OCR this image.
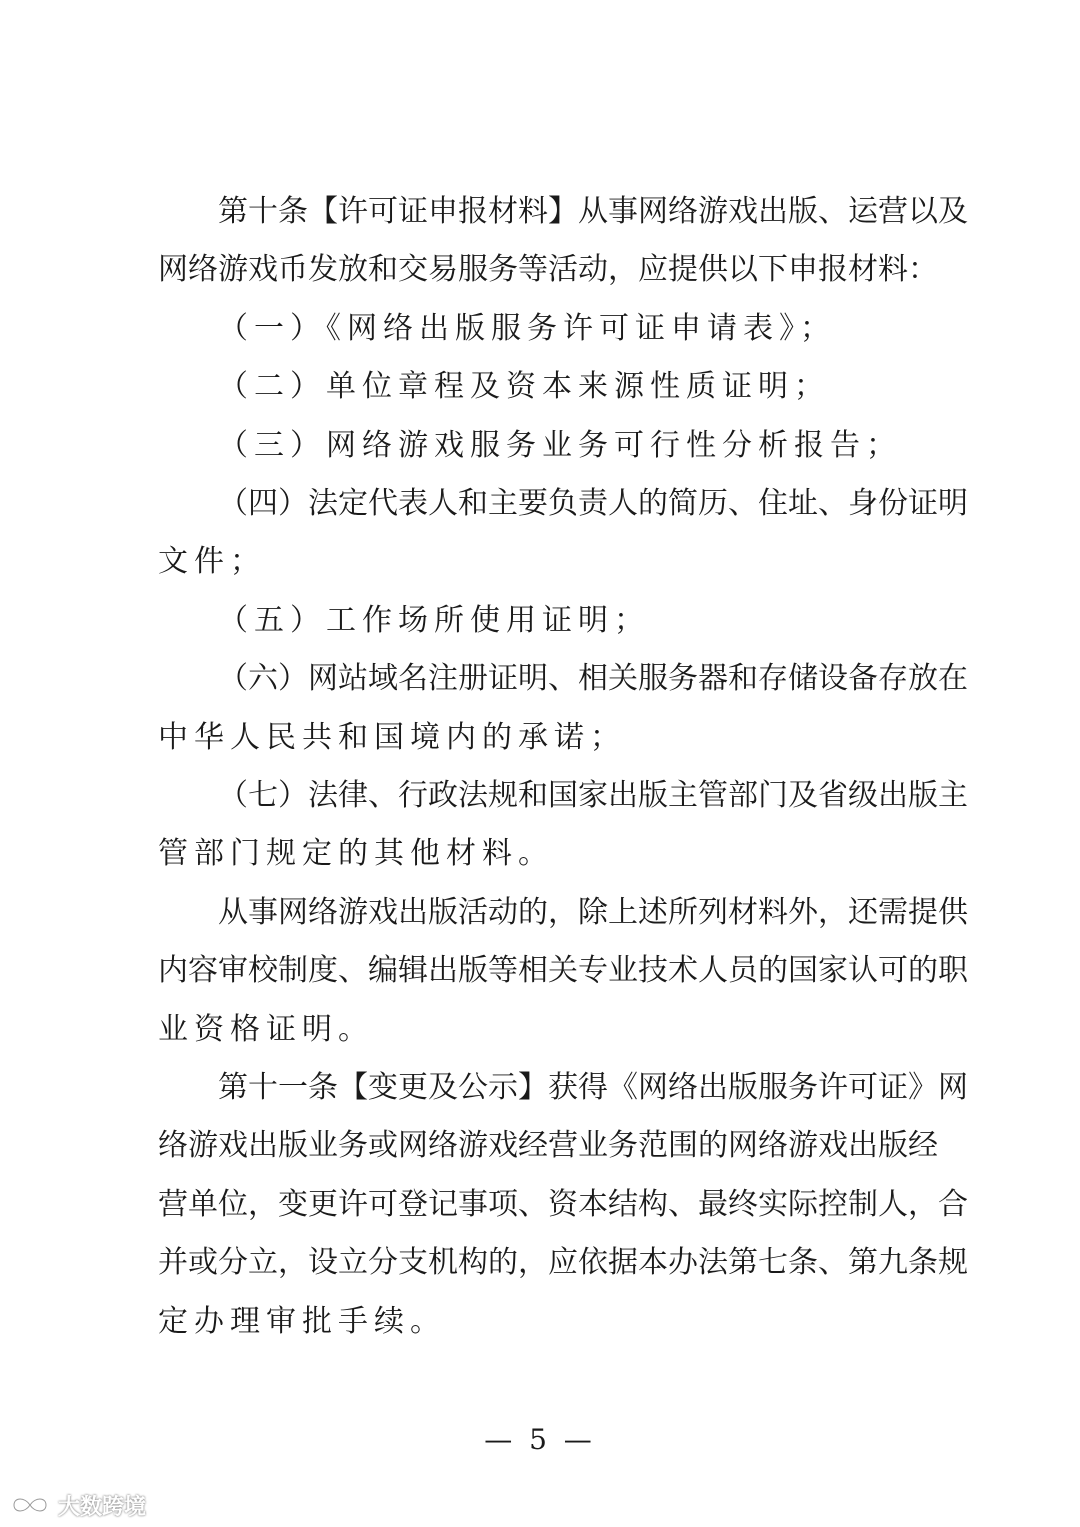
第十条【许可证申报材料】从事网络游戏出版、运营以及
网络游戏币发放和交易服务等活动，应提供以下申报材料：
（一）《网络出版服务许可证申请表》；
（二）单位章程及资本来源性质证明；
（三）网络游戏服务业务可行性分析报告；
（四）法定代表人和主要负责人的简历、住址、身份证明
文件；
（五）工作场所使用证明；
（六）网站域名注册证明、相关服务器和存储设备存放在
中华人民共和国境内的承诺；
（七）法律、行政法规和国家出版主管部门及省级出版主
管部门规定的其他材料。
从事网络游戏出版活动的，除上述所列材料外，还需提供
内容审校制度、编辑出版等相关专业技术人员的国家认可的职
业资格证明。
第十一条【变更及公示】获得《网络出版服务许可证》网
络游戏出版业务或网络游戏经营业务范围的网络游戏出版经
营单位，变更许可登记事项、资本结构、最终实际控制人，合
并或分立，设立分支机构的，应依据本办法第七条、第九条规
定办理审批手续。
— 5 —
大数跨境
